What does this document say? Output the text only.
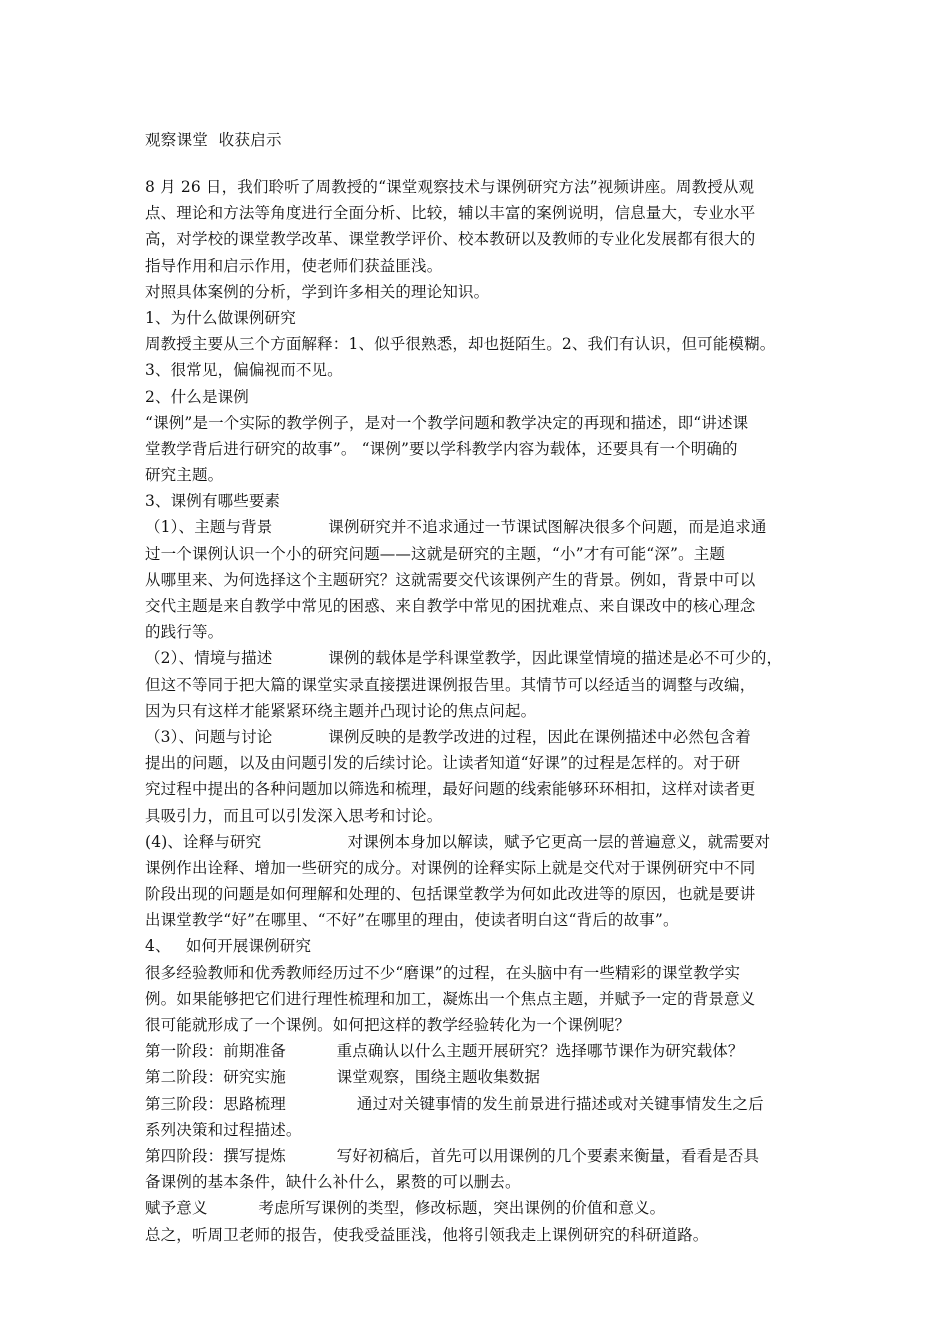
观察课堂  收获启示
8 月 26 日，我们聆听了周教授的“课堂观察技术与课例研究方法”视频讲座。周教授从观
点、理论和方法等角度进行全面分析、比较，辅以丰富的案例说明，信息量大，专业水平
高，对学校的课堂教学改革、课堂教学评价、校本教研以及教师的专业化发展都有很大的
指导作用和启示作用，使老师们获益匪浅。
对照具体案例的分析，学到许多相关的理论知识。
1、为什么做课例研究
周教授主要从三个方面解释：1、似乎很熟悉，却也挺陌生。2、我们有认识，但可能模糊。
3、很常见，偏偏视而不见。
2、什么是课例
“课例”是一个实际的教学例子，是对一个教学问题和教学决定的再现和描述，即“讲述课
堂教学背后进行研究的故事”。 “课例”要以学科教学内容为载体，还要具有一个明确的
研究主题。
3、课例有哪些要素
（1）、主题与背景           课例研究并不追求通过一节课试图解决很多个问题，而是追求通
过一个课例认识一个小的研究问题——这就是研究的主题，“小”才有可能“深”。主题
从哪里来、为何选择这个主题研究？这就需要交代该课例产生的背景。例如，背景中可以
交代主题是来自教学中常见的困惑、来自教学中常见的困扰难点、来自课改中的核心理念
的践行等。
（2）、情境与描述           课例的载体是学科课堂教学，因此课堂情境的描述是必不可少的，
但这不等同于把大篇的课堂实录直接摆进课例报告里。其情节可以经适当的调整与改编，
因为只有这样才能紧紧环绕主题并凸现讨论的焦点问起。
（3）、问题与讨论           课例反映的是教学改进的过程，因此在课例描述中必然包含着
提出的问题，以及由问题引发的后续讨论。让读者知道“好课”的过程是怎样的。对于研
究过程中提出的各种问题加以筛选和梳理，最好问题的线索能够环环相扣，这样对读者更
具吸引力，而且可以引发深入思考和讨论。
(4)、诠释与研究                 对课例本身加以解读，赋予它更高一层的普遍意义，就需要对
课例作出诠释、增加一些研究的成分。对课例的诠释实际上就是交代对于课例研究中不同
阶段出现的问题是如何理解和处理的、包括课堂教学为何如此改进等的原因，也就是要讲
出课堂教学“好”在哪里、“不好”在哪里的理由，使读者明白这“背后的故事”。
4、   如何开展课例研究
很多经验教师和优秀教师经历过不少“磨课”的过程，在头脑中有一些精彩的课堂教学实
例。如果能够把它们进行理性梳理和加工，凝炼出一个焦点主题，并赋予一定的背景意义
很可能就形成了一个课例。如何把这样的教学经验转化为一个课例呢？
第一阶段：前期准备          重点确认以什么主题开展研究？选择哪节课作为研究载体？
第二阶段：研究实施          课堂观察，围绕主题收集数据
第三阶段：思路梳理              通过对关键事情的发生前景进行描述或对关键事情发生之后
系列决策和过程描述。
第四阶段：撰写提炼          写好初稿后，首先可以用课例的几个要素来衡量，看看是否具
备课例的基本条件，缺什么补什么，累赘的可以删去。
赋予意义          考虑所写课例的类型，修改标题，突出课例的价值和意义。
总之，听周卫老师的报告，使我受益匪浅，他将引领我走上课例研究的科研道路。
